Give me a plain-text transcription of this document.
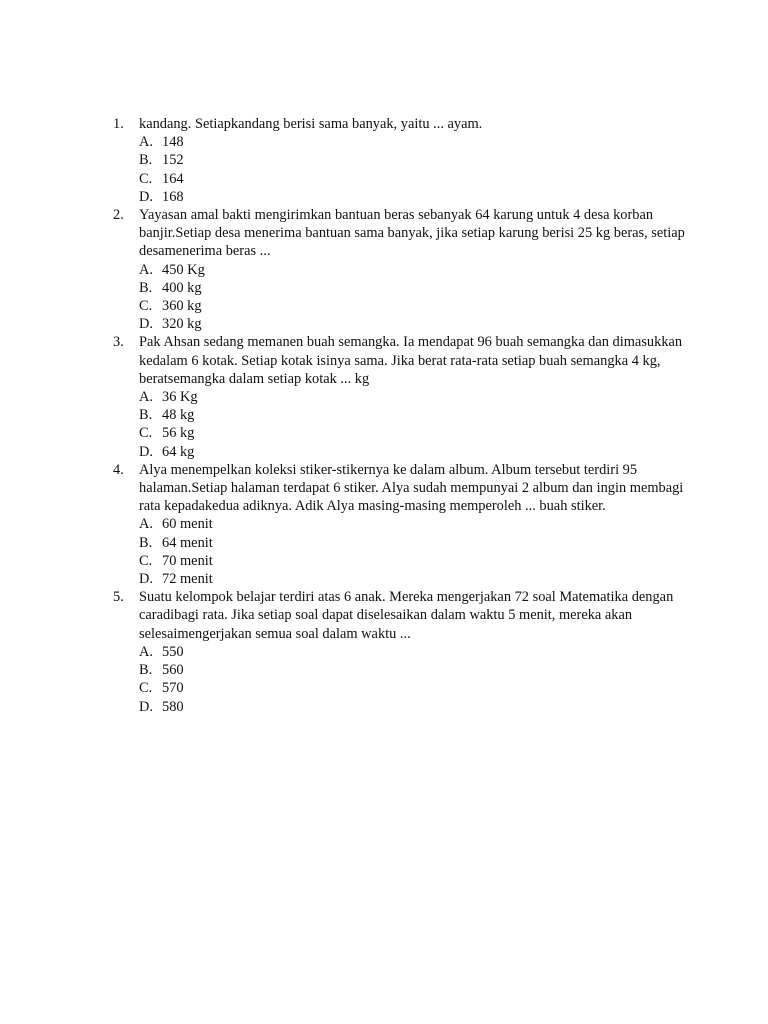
1. kandang. Setiapkandang berisi sama banyak, yaitu ... ayam.
A. 148
B. 152
C. 164
D. 168
2. Yayasan amal bakti mengirimkan bantuan beras sebanyak 64 karung untuk 4 desa korban banjir.Setiap desa menerima bantuan sama banyak, jika setiap karung berisi 25 kg beras, setiap desamenerima beras ...
A. 450 Kg
B. 400 kg
C. 360 kg
D. 320 kg
3. Pak Ahsan sedang memanen buah semangka. Ia mendapat 96 buah semangka dan dimasukkan kedalam 6 kotak. Setiap kotak isinya sama. Jika berat rata-rata setiap buah semangka 4 kg, beratsemangka dalam setiap kotak ... kg
A. 36 Kg
B. 48 kg
C. 56 kg
D. 64 kg
4. Alya menempelkan koleksi stiker-stikernya ke dalam album. Album tersebut terdiri 95 halaman.Setiap halaman terdapat 6 stiker. Alya sudah mempunyai 2 album dan ingin membagi rata kepadakedua adiknya. Adik Alya masing-masing memperoleh ... buah stiker.
A. 60 menit
B. 64 menit
C. 70 menit
D. 72 menit
5. Suatu kelompok belajar terdiri atas 6 anak. Mereka mengerjakan 72 soal Matematika dengan caradibagi rata. Jika setiap soal dapat diselesaikan dalam waktu 5 menit, mereka akan selesaimengerjakan semua soal dalam waktu ...
A. 550
B. 560
C. 570
D. 580
